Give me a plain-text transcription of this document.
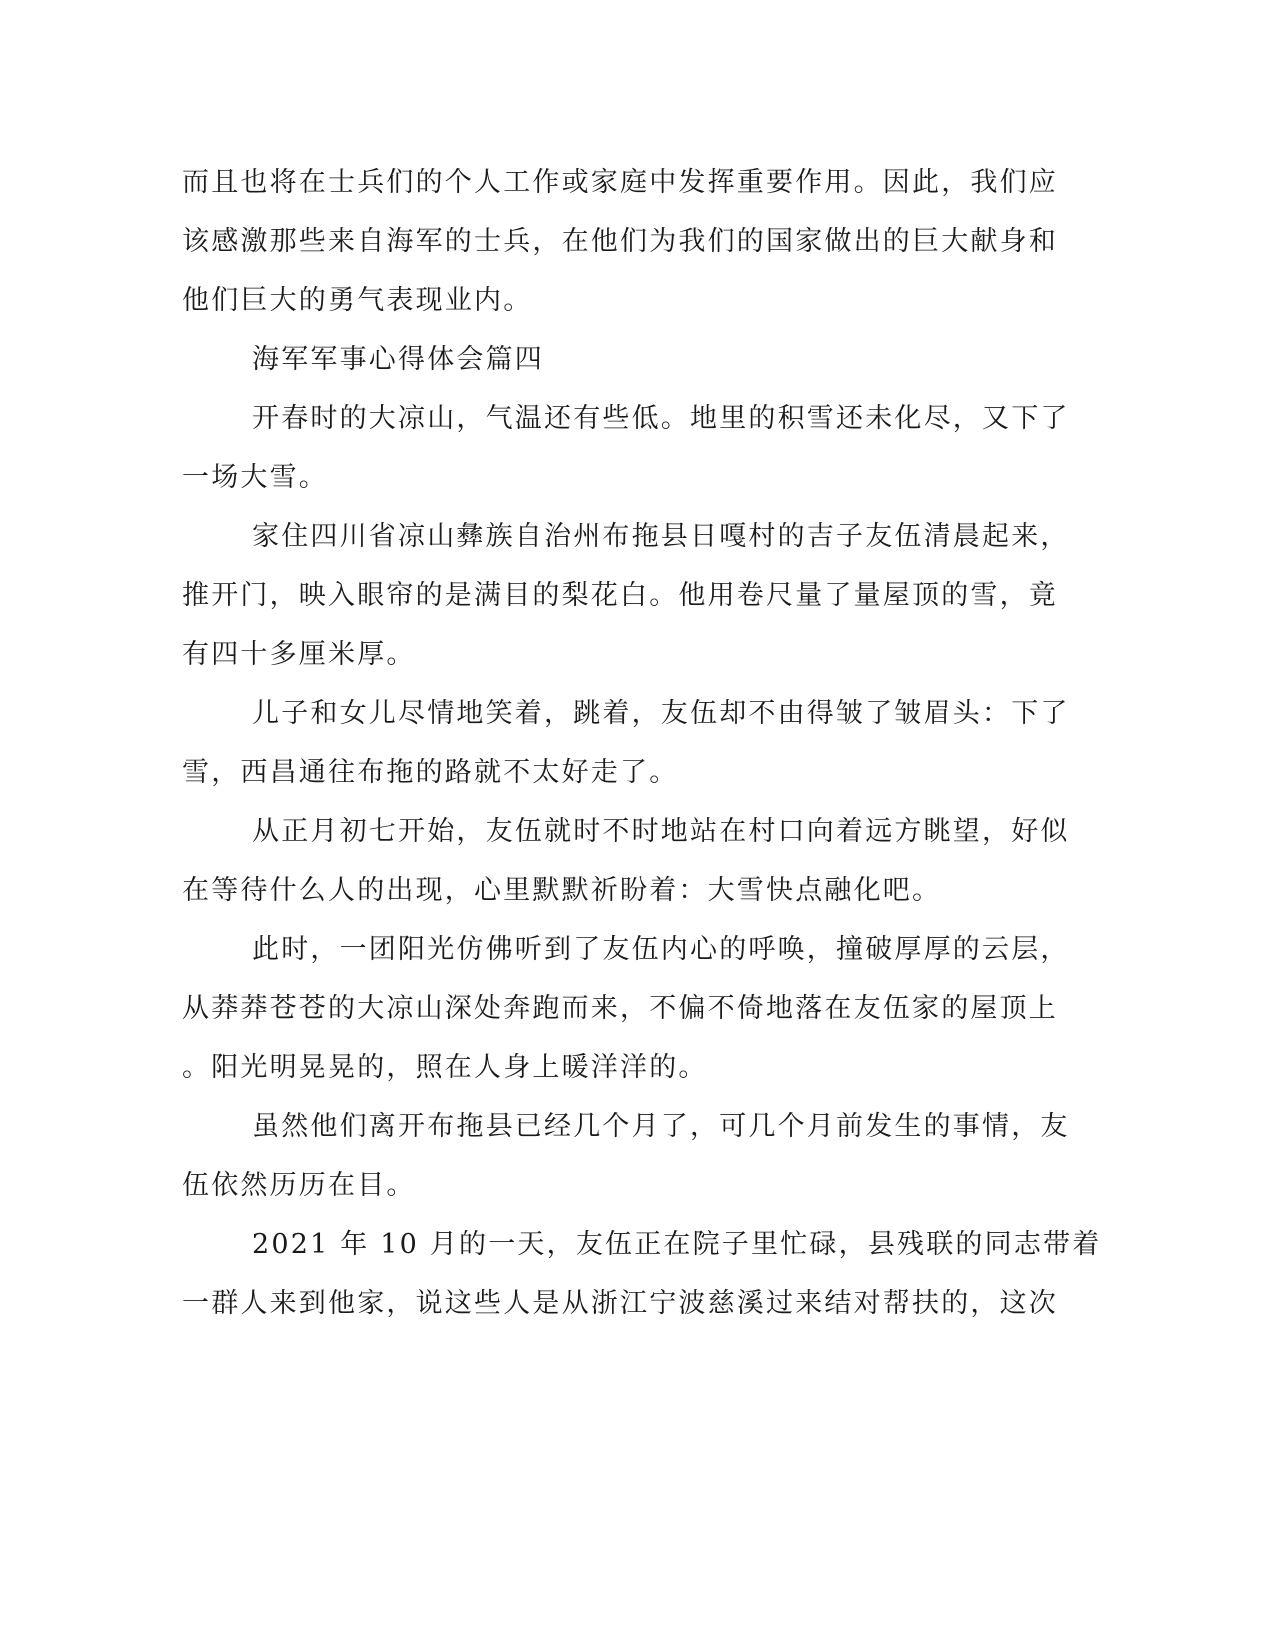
而且也将在士兵们的个人工作或家庭中发挥重要作用。因此，我们应
该感激那些来自海军的士兵，在他们为我们的国家做出的巨大献身和
他们巨大的勇气表现业内。
海军军事心得体会篇四
开春时的大凉山，气温还有些低。地里的积雪还未化尽，又下了
一场大雪。
家住四川省凉山彝族自治州布拖县日嘎村的吉子友伍清晨起来，
推开门，映入眼帘的是满目的梨花白。他用卷尺量了量屋顶的雪，竟
有四十多厘米厚。
儿子和女儿尽情地笑着，跳着，友伍却不由得皱了皱眉头：下了
雪，西昌通往布拖的路就不太好走了。
从正月初七开始，友伍就时不时地站在村口向着远方眺望，好似
在等待什么人的出现，心里默默祈盼着：大雪快点融化吧。
此时，一团阳光仿佛听到了友伍内心的呼唤，撞破厚厚的云层，
从莽莽苍苍的大凉山深处奔跑而来，不偏不倚地落在友伍家的屋顶上
。阳光明晃晃的，照在人身上暖洋洋的。
虽然他们离开布拖县已经几个月了，可几个月前发生的事情，友
伍依然历历在目。
2021 年 10 月的一天，友伍正在院子里忙碌，县残联的同志带着
一群人来到他家，说这些人是从浙江宁波慈溪过来结对帮扶的，这次
